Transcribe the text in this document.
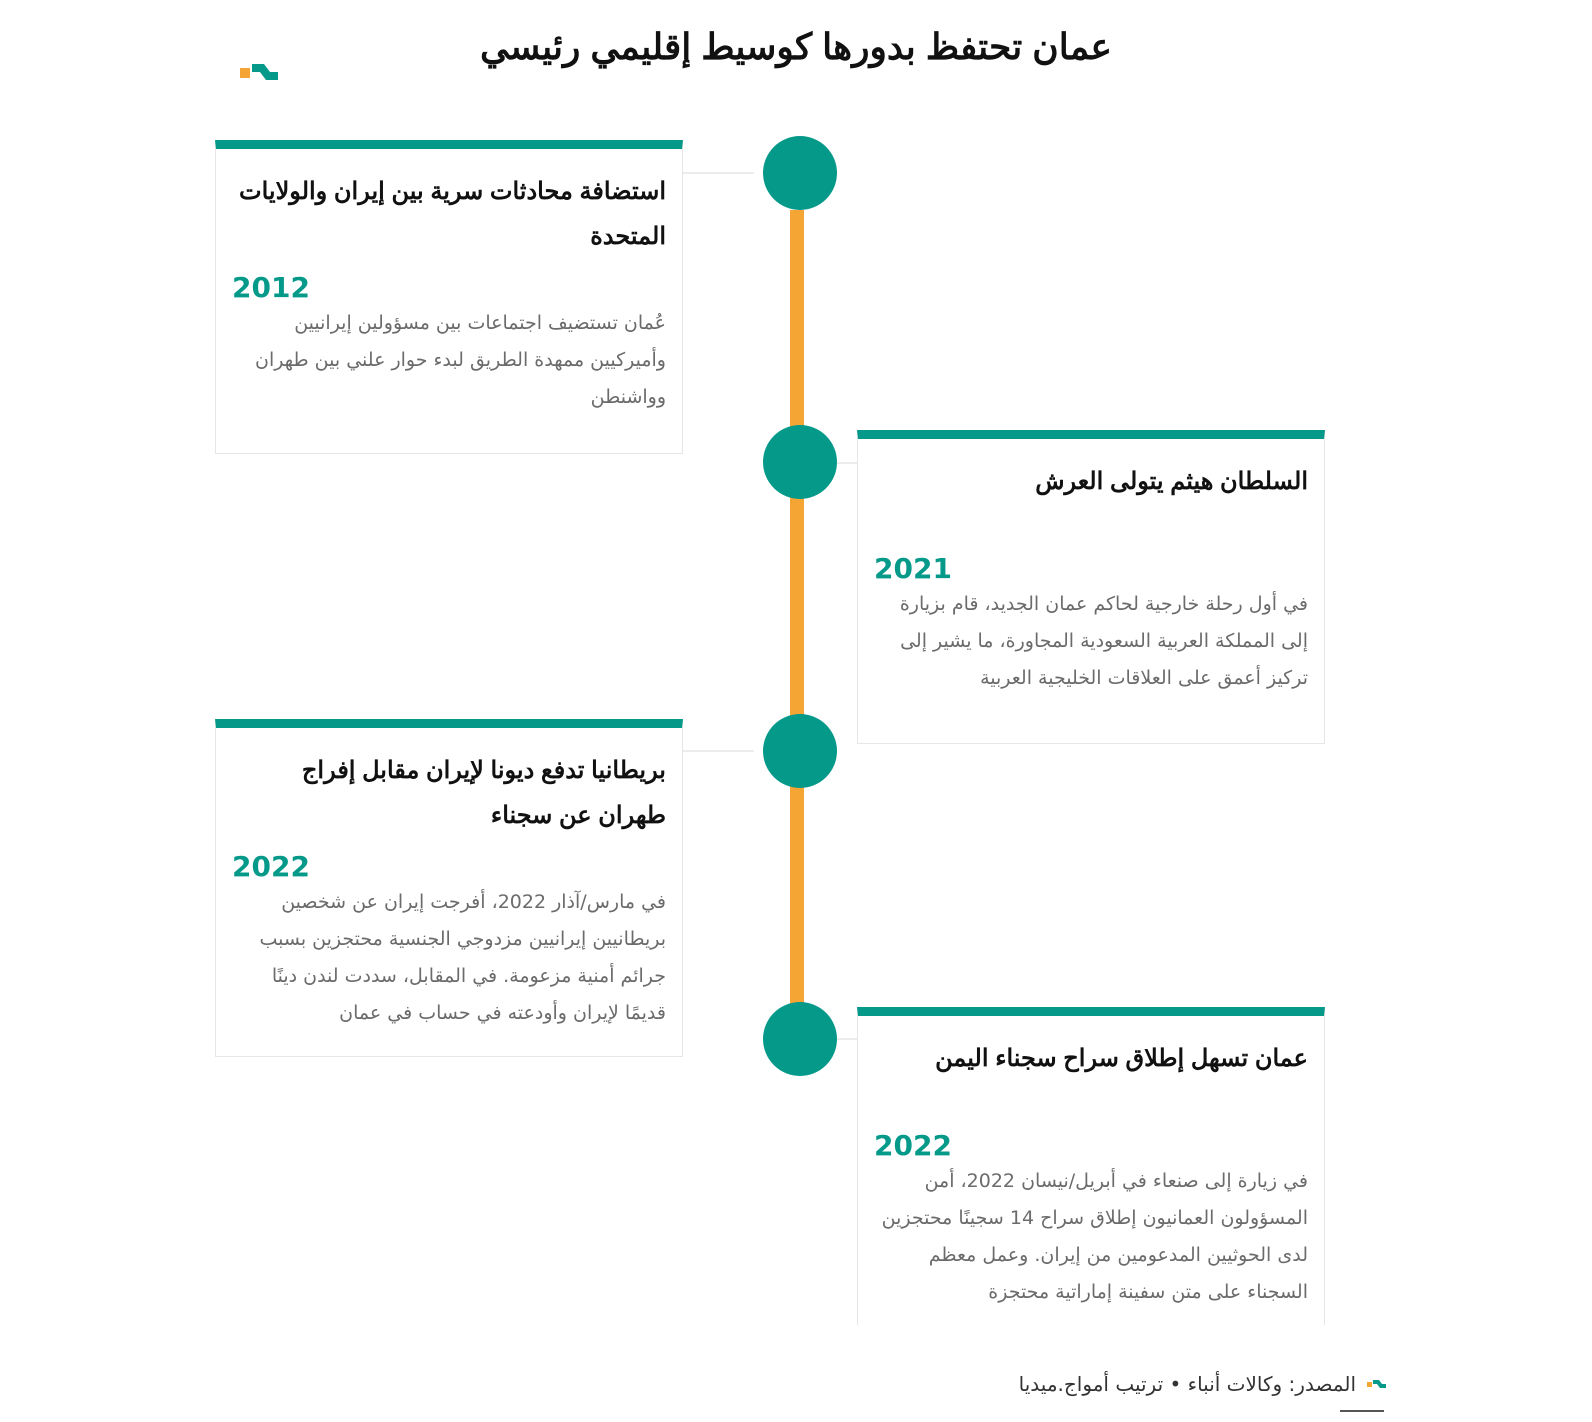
عمان تحتفظ بدورها كوسيط إقليمي رئيسي
استضافة محادثات سرية بين إيران والولايات المتحدة
2012
عُمان تستضيف اجتماعات بين مسؤولين إيرانيين وأميركيين ممهدة الطريق لبدء حوار علني بين طهران وواشنطن
السلطان هيثم يتولى العرش
2021
في أول رحلة خارجية لحاكم عمان الجديد، قام بزيارة إلى المملكة العربية السعودية المجاورة، ما يشير إلى تركيز أعمق على العلاقات الخليجية العربية
بريطانيا تدفع ديونا لإيران مقابل إفراج طهران عن سجناء
2022
في مارس/آذار 2022، أفرجت إيران عن شخصين بريطانيين إيرانيين مزدوجي الجنسية محتجزين بسبب جرائم أمنية مزعومة. في المقابل، سددت لندن دينًا قديمًا لإيران وأودعته في حساب في عمان
عمان تسهل إطلاق سراح سجناء اليمن
2022
في زيارة إلى صنعاء في أبريل/نيسان 2022، أمن المسؤولون العمانيون إطلاق سراح 14 سجينًا محتجزين لدى الحوثيين المدعومين من إيران. وعمل معظم السجناء على متن سفينة إماراتية محتجزة
المصدر: وكالات أنباء • ترتيب أمواج.ميديا
